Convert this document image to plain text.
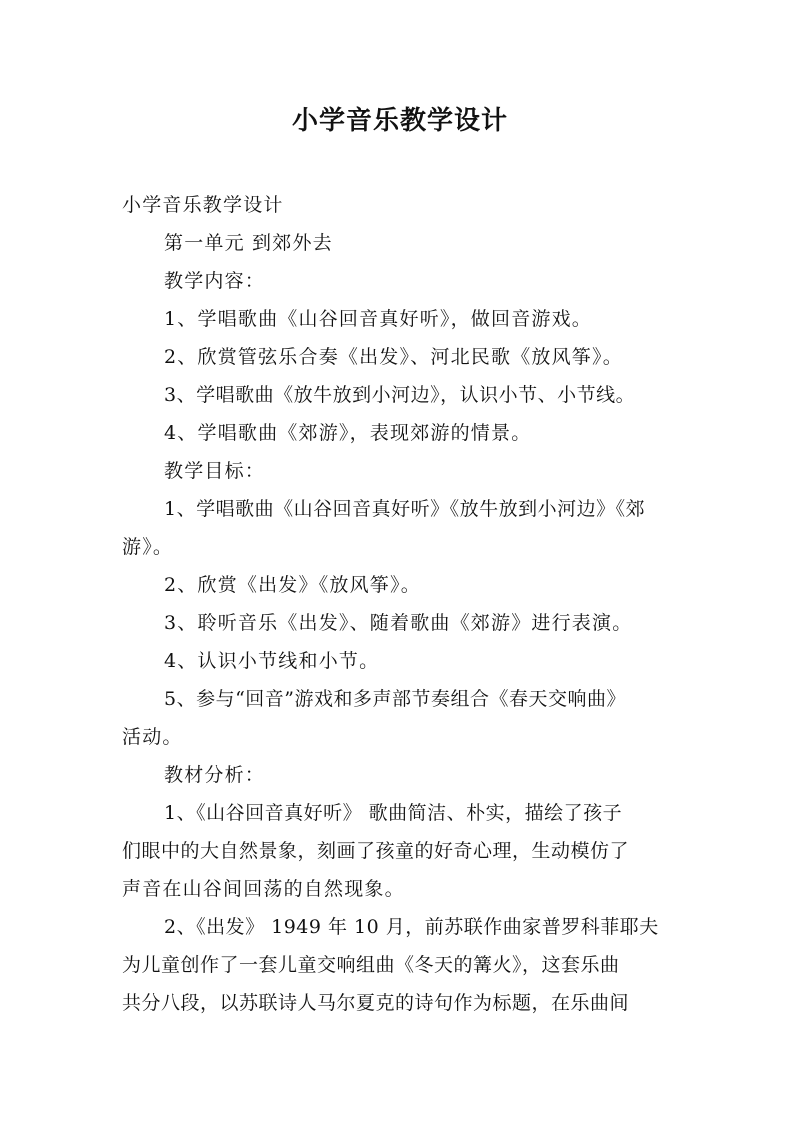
小学音乐教学设计

小学音乐教学设计

第一单元 到郊外去

教学内容：

1、学唱歌曲《山谷回音真好听》，做回音游戏。

2、欣赏管弦乐合奏《出发》、河北民歌《放风筝》。

3、学唱歌曲《放牛放到小河边》，认识小节、小节线。

4、学唱歌曲《郊游》，表现郊游的情景。

教学目标：

1、学唱歌曲《山谷回音真好听》《放牛放到小河边》《郊

游》。

2、欣赏《出发》《放风筝》。

3、聆听音乐《出发》、随着歌曲《郊游》进行表演。

4、认识小节线和小节。

5、参与“回音”游戏和多声部节奏组合《春天交响曲》

活动。

教材分析：

1、《山谷回音真好听》 歌曲简洁、朴实，描绘了孩子

们眼中的大自然景象，刻画了孩童的好奇心理，生动模仿了

声音在山谷间回荡的自然现象。

2、《出发》 1949 年 10 月，前苏联作曲家普罗科菲耶夫

为儿童创作了一套儿童交响组曲《冬天的篝火》，这套乐曲

共分八段，以苏联诗人马尔夏克的诗句作为标题，在乐曲间
